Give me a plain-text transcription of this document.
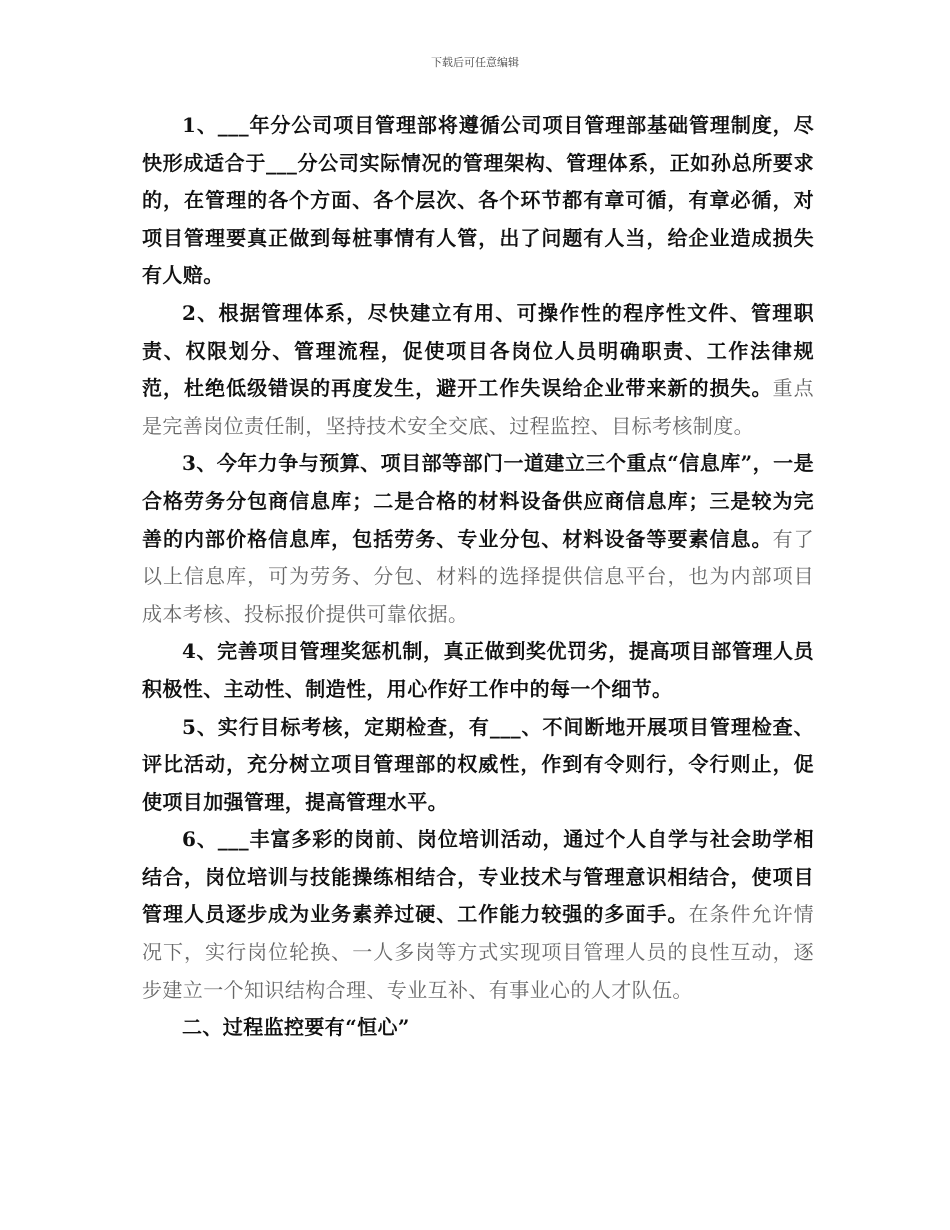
下载后可任意编辑

1、___年分公司项目管理部将遵循公司项目管理部基础管理制度，尽快形成适合于___分公司实际情况的管理架构、管理体系，正如孙总所要求的，在管理的各个方面、各个层次、各个环节都有章可循，有章必循，对项目管理要真正做到每桩事情有人管，出了问题有人当，给企业造成损失有人赔。

2、根据管理体系，尽快建立有用、可操作性的程序性文件、管理职责、权限划分、管理流程，促使项目各岗位人员明确职责、工作法律规范，杜绝低级错误的再度发生，避开工作失误给企业带来新的损失。重点是完善岗位责任制，坚持技术安全交底、过程监控、目标考核制度。

3、今年力争与预算、项目部等部门一道建立三个重点“信息库”，一是合格劳务分包商信息库；二是合格的材料设备供应商信息库；三是较为完善的内部价格信息库，包括劳务、专业分包、材料设备等要素信息。有了以上信息库，可为劳务、分包、材料的选择提供信息平台，也为内部项目成本考核、投标报价提供可靠依据。

4、完善项目管理奖惩机制，真正做到奖优罚劣，提高项目部管理人员积极性、主动性、制造性，用心作好工作中的每一个细节。

5、实行目标考核，定期检查，有___、不间断地开展项目管理检查、评比活动，充分树立项目管理部的权威性，作到有令则行，令行则止，促使项目加强管理，提高管理水平。

6、___丰富多彩的岗前、岗位培训活动，通过个人自学与社会助学相结合，岗位培训与技能操练相结合，专业技术与管理意识相结合，使项目管理人员逐步成为业务素养过硬、工作能力较强的多面手。在条件允许情况下，实行岗位轮换、一人多岗等方式实现项目管理人员的良性互动，逐步建立一个知识结构合理、专业互补、有事业心的人才队伍。

二、过程监控要有“恒心”
